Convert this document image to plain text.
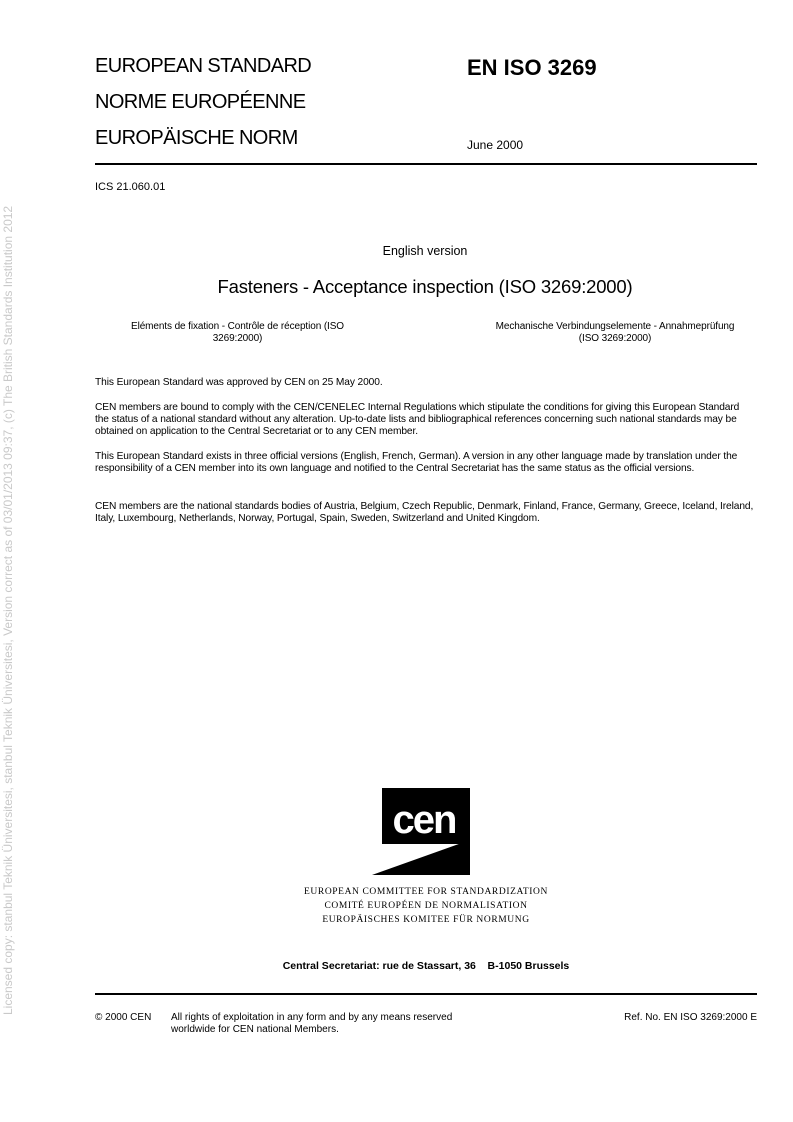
Licensed copy: stanbul Teknik Üniversitesi, stanbul Teknik Üniversitesi, Version correct as of 03/01/2013 09:37, (c) The British Standards Institution 2012
EUROPEAN STANDARD
NORME EUROPÉENNE
EUROPÄISCHE NORM
EN ISO 3269
June 2000
ICS 21.060.01
English version
Fasteners - Acceptance inspection (ISO 3269:2000)
Eléments de fixation - Contrôle de réception (ISO
3269:2000)
Mechanische Verbindungselemente - Annahmeprüfung
(ISO 3269:2000)
This European Standard was approved by CEN on 25 May 2000.
CEN members are bound to comply with the CEN/CENELEC Internal Regulations which stipulate the conditions for giving this European Standard the status of a national standard without any alteration. Up-to-date lists and bibliographical references concerning such national standards may be obtained on application to the Central Secretariat or to any CEN member.
This European Standard exists in three official versions (English, French, German). A version in any other language made by translation under the responsibility of a CEN member into its own language and notified to the Central Secretariat has the same status as the official versions.
CEN members are the national standards bodies of Austria, Belgium, Czech Republic, Denmark, Finland, France, Germany, Greece, Iceland, Ireland, Italy, Luxembourg, Netherlands, Norway, Portugal, Spain, Sweden, Switzerland and United Kingdom.
cen
EUROPEAN COMMITTEE FOR STANDARDIZATION
COMITÉ EUROPÉEN DE NORMALISATION
EUROPÄISCHES KOMITEE FÜR NORMUNG
Central Secretariat: rue de Stassart, 36    B-1050 Brussels
© 2000 CEN All rights of exploitation in any form and by any means reserved
worldwide for CEN national Members.
Ref. No. EN ISO 3269:2000 E
